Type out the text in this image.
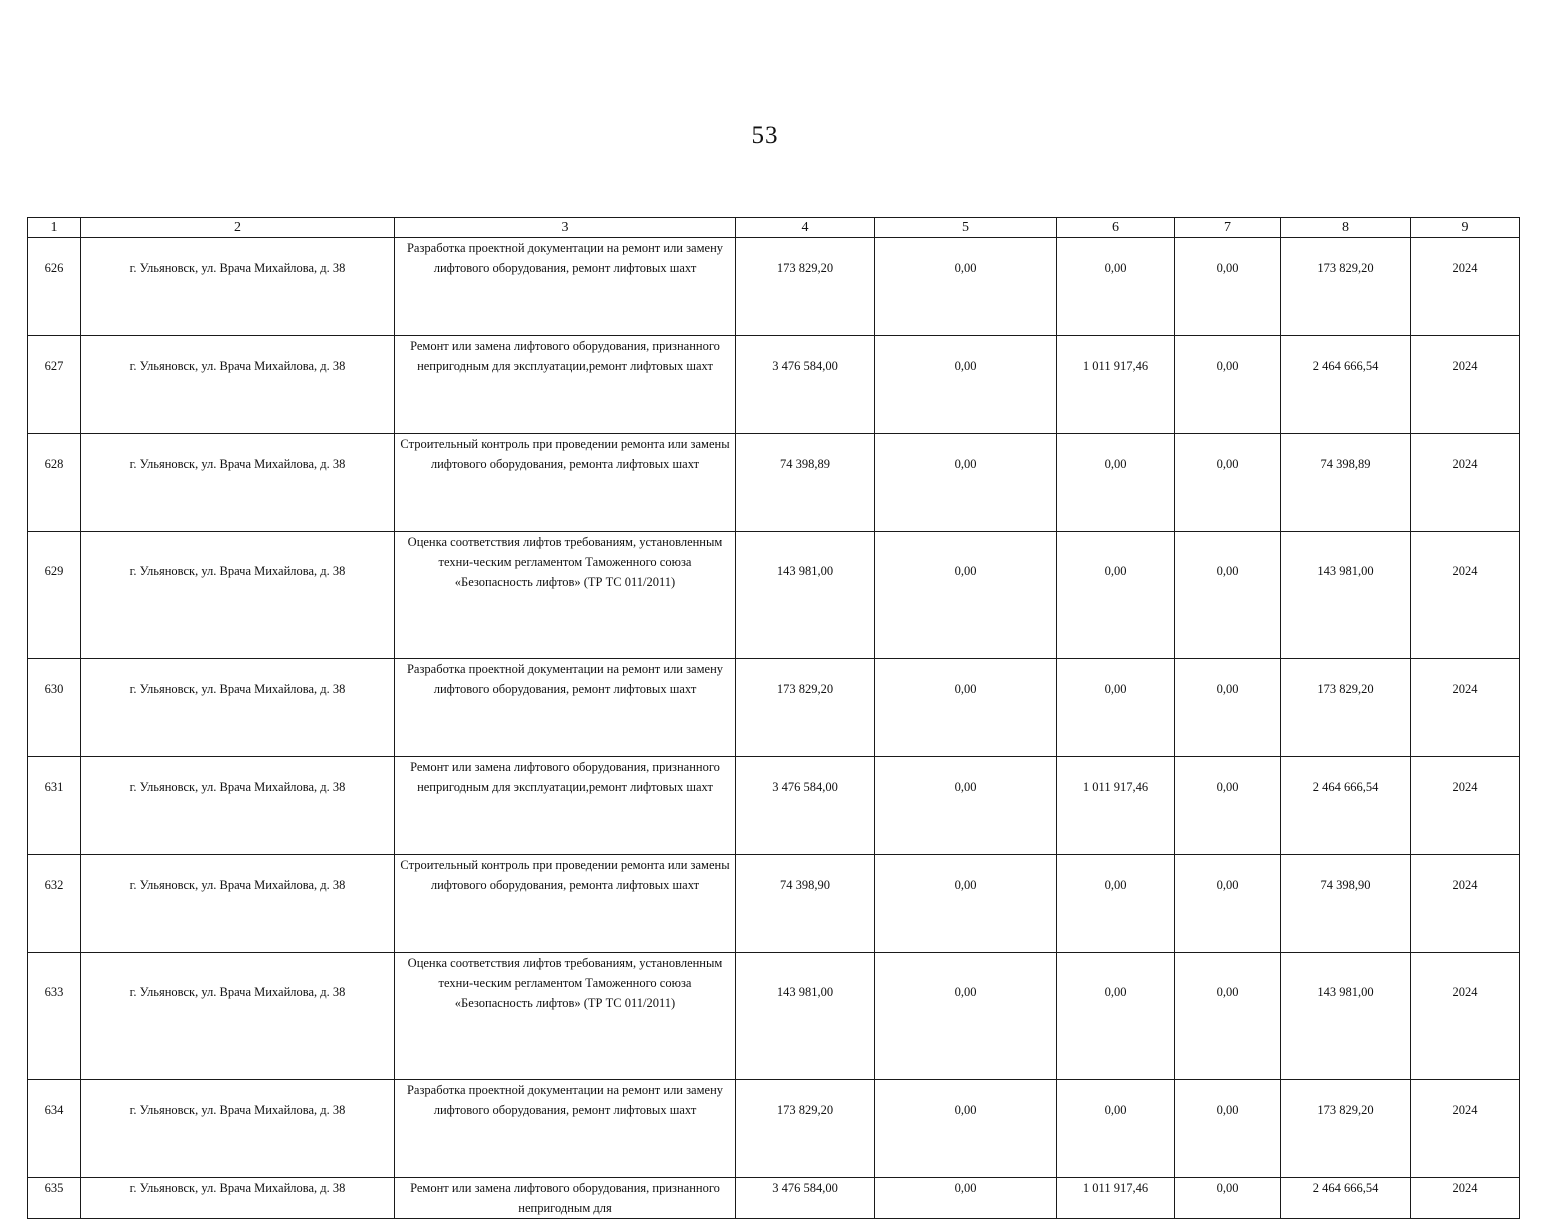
53
1	2	3	4	5	6	7	8	9
626	г. Ульяновск, ул. Врача Михайлова, д. 38	Разработка проектной документации на ремонт или замену лифтового оборудования, ремонт лифтовых шахт	173 829,20	0,00	0,00	0,00	173 829,20	2024
627	г. Ульяновск, ул. Врача Михайлова, д. 38	Ремонт или замена лифтового оборудования, признанного непригодным для эксплуатации,ремонт лифтовых шахт	3 476 584,00	0,00	1 011 917,46	0,00	2 464 666,54	2024
628	г. Ульяновск, ул. Врача Михайлова, д. 38	Строительный контроль при проведении ремонта или замены лифтового оборудования, ремонта лифтовых шахт	74 398,89	0,00	0,00	0,00	74 398,89	2024
629	г. Ульяновск, ул. Врача Михайлова, д. 38	Оценка соответствия лифтов требованиям, установленным техни-ческим регламентом Таможенного союза «Безопасность лифтов» (ТР ТС 011/2011)	143 981,00	0,00	0,00	0,00	143 981,00	2024
630	г. Ульяновск, ул. Врача Михайлова, д. 38	Разработка проектной документации на ремонт или замену лифтового оборудования, ремонт лифтовых шахт	173 829,20	0,00	0,00	0,00	173 829,20	2024
631	г. Ульяновск, ул. Врача Михайлова, д. 38	Ремонт или замена лифтового оборудования, признанного непригодным для эксплуатации,ремонт лифтовых шахт	3 476 584,00	0,00	1 011 917,46	0,00	2 464 666,54	2024
632	г. Ульяновск, ул. Врача Михайлова, д. 38	Строительный контроль при проведении ремонта или замены лифтового оборудования, ремонта лифтовых шахт	74 398,90	0,00	0,00	0,00	74 398,90	2024
633	г. Ульяновск, ул. Врача Михайлова, д. 38	Оценка соответствия лифтов требованиям, установленным техни-ческим регламентом Таможенного союза «Безопасность лифтов» (ТР ТС 011/2011)	143 981,00	0,00	0,00	0,00	143 981,00	2024
634	г. Ульяновск, ул. Врача Михайлова, д. 38	Разработка проектной документации на ремонт или замену лифтового оборудования, ремонт лифтовых шахт	173 829,20	0,00	0,00	0,00	173 829,20	2024
635	г. Ульяновск, ул. Врача Михайлова, д. 38	Ремонт или замена лифтового оборудования, признанного непригодным для	3 476 584,00	0,00	1 011 917,46	0,00	2 464 666,54	2024
